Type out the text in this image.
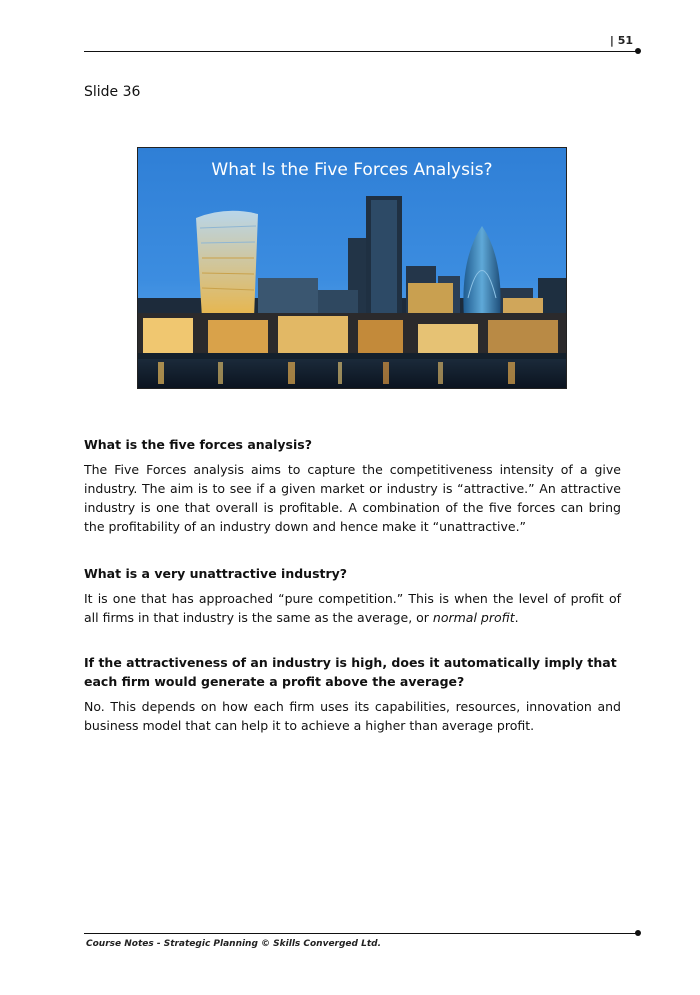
| 51
Slide 36
What Is the Five Forces Analysis?

What is the five forces analysis?

The Five Forces analysis aims to capture the competitiveness intensity of a give industry. The aim is to see if a given market or industry is “attractive.” An attractive industry is one that overall is profitable. A combination of the five forces can bring the profitability of an industry down and hence make it “unattractive.”

What is a very unattractive industry?

It is one that has approached “pure competition.” This is when the level of profit of all firms in that industry is the same as the average, or normal profit.

If the attractiveness of an industry is high, does it automatically imply that each firm would generate a profit above the average?

No. This depends on how each firm uses its capabilities, resources, innovation and business model that can help it to achieve a higher than average profit.

Course Notes - Strategic Planning © Skills Converged Ltd.
